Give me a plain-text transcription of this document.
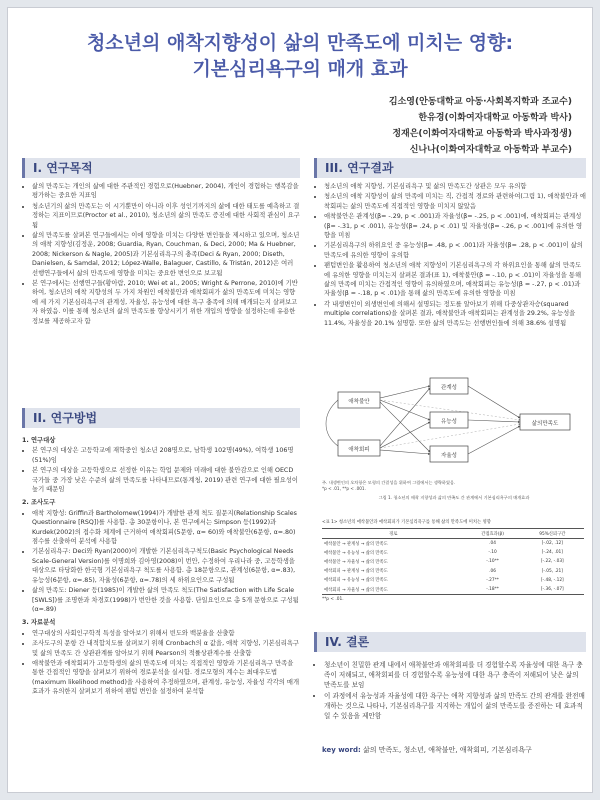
청소년의 애착지향성이 삶의 만족도에 미치는 영향:
기본심리욕구의 매개 효과
김소영(안동대학교 아동·사회복지학과 조교수)
한유경(이화여자대학교 아동학과 박사)
정재은(이화여자대학교 아동학과 박사과정생)
신나나(이화여자대학교 아동학과 부교수)
I. 연구목적
• 삶의 만족도는 개인의 삶에 대한 주관적인 경험으로(Huebner, 2004), 개인이 경험하는 행복감을 평가하는 중요한 지표임
• 청소년기의 삶의 만족도는 이 시기뿐만이 아니라 이후 성인기까지의 삶에 대한 태도를 예측하고 결정하는 지표이므로(Proctor et al., 2010), 청소년의 삶의 만족도 증진에 대한 사회적 관심이 요구됨
• 삶의 만족도를 살펴본 연구들에서는 이에 영향을 미치는 다양한 변인들을 제시하고 있으며, 청소년의 애착 지향성(김정운, 2008; Guardia, Ryan, Couchman, & Deci, 2000; Ma & Huebner, 2008; Nickerson & Nagle, 2005)과 기본심리욕구의 충족(Deci & Ryan, 2000; Diseth, Danielsen, & Samdal, 2012; López-Walle, Balaguer, Castillo, & Tristán, 2012)은 여러 선행연구들에서 삶의 만족도에 영향을 미치는 중요한 변인으로 보고됨
• 본 연구에서는 선행연구들(황아람, 2010; Wei et al., 2005; Wright & Perrone, 2010)에 기반하여, 청소년의 애착 지향성의 두 가지 차원인 애착불안과 애착회피가 삶의 만족도에 미치는 영향에 세 가지 기본심리욕구의 관계성, 자율성, 유능성에 대한 욕구 충족에 의해 매개되는지 살펴보고자 하였음. 이를 통해 청소년의 삶의 만족도를 향상시키기 위한 개입의 방향을 설정하는데 유용한 정보를 제공하고자 함
II. 연구방법
1. 연구대상
• 본 연구의 대상은 고등학교에 재학중인 청소년 208명으로, 남학생 102명(49%), 여학생 106명(51%)임
• 본 연구의 대상을 고등학생으로 선정한 이유는 학업 문제와 미래에 대한 불안감으로 인해 OECD 국가들 중 가장 낮은 수준의 삶의 만족도를 나타내므로(통계청, 2019) 관련 연구에 대한 필요성이 높기 때문임
2. 조사도구
• 애착 지향성: Griffin과 Bartholomew(1994)가 개발한 관계 척도 질문지(Relationship Scales Questionnaire [RSQ])를 사용함. 총 30문항이나, 본 연구에서는 Simpson 등(1992)과 Kurdek(2002)의 접수화 체계에 근거하여 애착회피(5문항, α= 60)와 애착불안(6문항, α=.80) 점수를 산출하여 분석에 사용함
• 기본심리욕구: Deci와 Ryan(2000)이 개발한 기본심리욕구척도(Basic Psychological Needs Scale-General Version)를 이명희와 김아영(2008)이 번안, 수정하여 우리나라 중, 고등학생을 대상으로 타당화한 한국형 기본심리욕구 척도를 사용함. 총 18문항으로, 관계성(6문항, α=.83), 유능성(6문항, α=.85), 자율성(6문항, α=.78)의 세 하위요인으로 구성됨
• 삶의 만족도: Diener 등(1985)이 개발한 삶의 만족도 척도(The Satisfaction with Life Scale [SWLS])를 조명한과 차경호(1998)가 번안한 것을 사용함. 단일요인으로 총 5개 문항으로 구성됨(α=.89)
3. 자료분석
• 연구대상의 사회인구학적 특성을 알아보기 위해서 빈도와 백분율을 산출함
• 조사도구의 문항 간 내적합치도를 살펴보기 위해 Cronbach의 α 값을, 애착 지향성, 기본심리욕구 및 삶의 만족도 간 상관관계를 알아보기 위해 Pearson의 적률상관계수를 산출함
• 애착불안과 애착회피가 고등학생의 삶의 만족도에 미치는 직접적인 영향과 기본심리욕구 만족을 통한 간접적인 영향을 살펴보기 위하여 경로분석을 실시함. 경로모형의 계수는 최대우도법(maximum likelihood method)을 사용하여 추정하였으며, 관계성, 유능성, 자율성 각각의 매개 효과가 유의한지 살펴보기 위하여 팬텀 변인을 설정하여 분석함
III. 연구결과
• 청소년의 애착 지향성, 기본심리욕구 및 삶의 만족도간 상관은 모두 유의함
• 청소년의 애착 지향성이 삶의 만족에 미치는 직, 간접적 경로와 관련하여(그림 1), 애착불안과 애착회피는 삶의 만족도에 직접적인 영향을 미치지 않았음
• 애착불안은 관계성(β= -.29, p < .001)과 자율성(β= -.25, p < .001)에, 애착회피는 관계성(β= -.31, p < .001), 유능성(β= .24, p < .01) 및 자율성(β= -.26, p < .001)에 유의한 영향을 미침
• 기본심리욕구의 하위요인 중 유능성(β= .48, p < .001)과 자율성(β= .28, p < .001)이 삶의 만족도에 유의한 영향이 유의함
• 팬텀변인을 활용하여 청소년의 애착 지향성이 기본심리욕구의 각 하위요인을 통해 삶의 만족도에 유의한 영향을 미치는지 살펴본 결과(표 1), 애착불안(β = -.10, p < .01)이 자율성을 통해 삶의 만족에 미치는 간접적인 영향이 유의하였으며, 애착회피는 유능성(β = -.27, p < .01)과 자율성(β = -.18, p < .01)을 통해 삶의 만족도에 유의한 영향을 미침
• 각 내생변인이 외생변인에 의해서 설명되는 정도를 알아보기 위해 다중상관자승(squared multiple correlations)을 살펴본 결과, 애착불안과 애착회피는 관계성을 29.2%, 유능성을 11.4%, 자율성을 20.1% 설명함. 또한 삶의 만족도는 선행변인들에 의해 38.6% 설명됨
애착불안
애착회피
관계성
유능성
자율성
삶의만족도
주. 내생변인의 오차항은 모형의 간결성을 위하여 그림에서는 생략하였음.
*p < .01, **p < .001.
그림 1. 청소년의 애착 지향성과 삶의 만족도 간 관계에서 기본심리욕구의 매개효과
<표 1> 청소년의 애착불안과 애착회피가 기본심리욕구를 통해 삶의 만족도에 미치는 영향
경로	간접효과(β)	95%신뢰구간
애착불안 → 관계성 → 삶의 만족도	.04	[-.02, .12]
애착불안 → 유능성 → 삶의 만족도	-.10	[-.24, .01]
애착불안 → 자율성 → 삶의 만족도	-.10**	[-.22, -.03]
애착회피 → 관계성 → 삶의 만족도	.06	[-.05, .21]
애착회피 → 유능성 → 삶의 만족도	-.27**	[-.48, -.12]
애착회피 → 자율성 → 삶의 만족도	-.18**	[-.36, -.07]
**p < .01.
IV. 결론
• 청소년이 친밀한 관계 내에서 애착불안과 애착회피를 더 경험할수록 자율성에 대한 욕구 충족이 저해되고, 애착회피를 더 경험할수록 유능성에 대한 욕구 충족이 저해되어 낮은 삶의 만족도를 보임
• 이 과정에서 유능성과 자율성에 대한 욕구는 애착 지향성과 삶의 만족도 간의 관계를 완전매개하는 것으로 나타나, 기본심리욕구를 지지하는 개입이 삶의 만족도를 증진하는 데 효과적일 수 있음을 제안함
key word: 삶의 만족도, 청소년, 애착불안, 애착회피, 기본심리욕구
